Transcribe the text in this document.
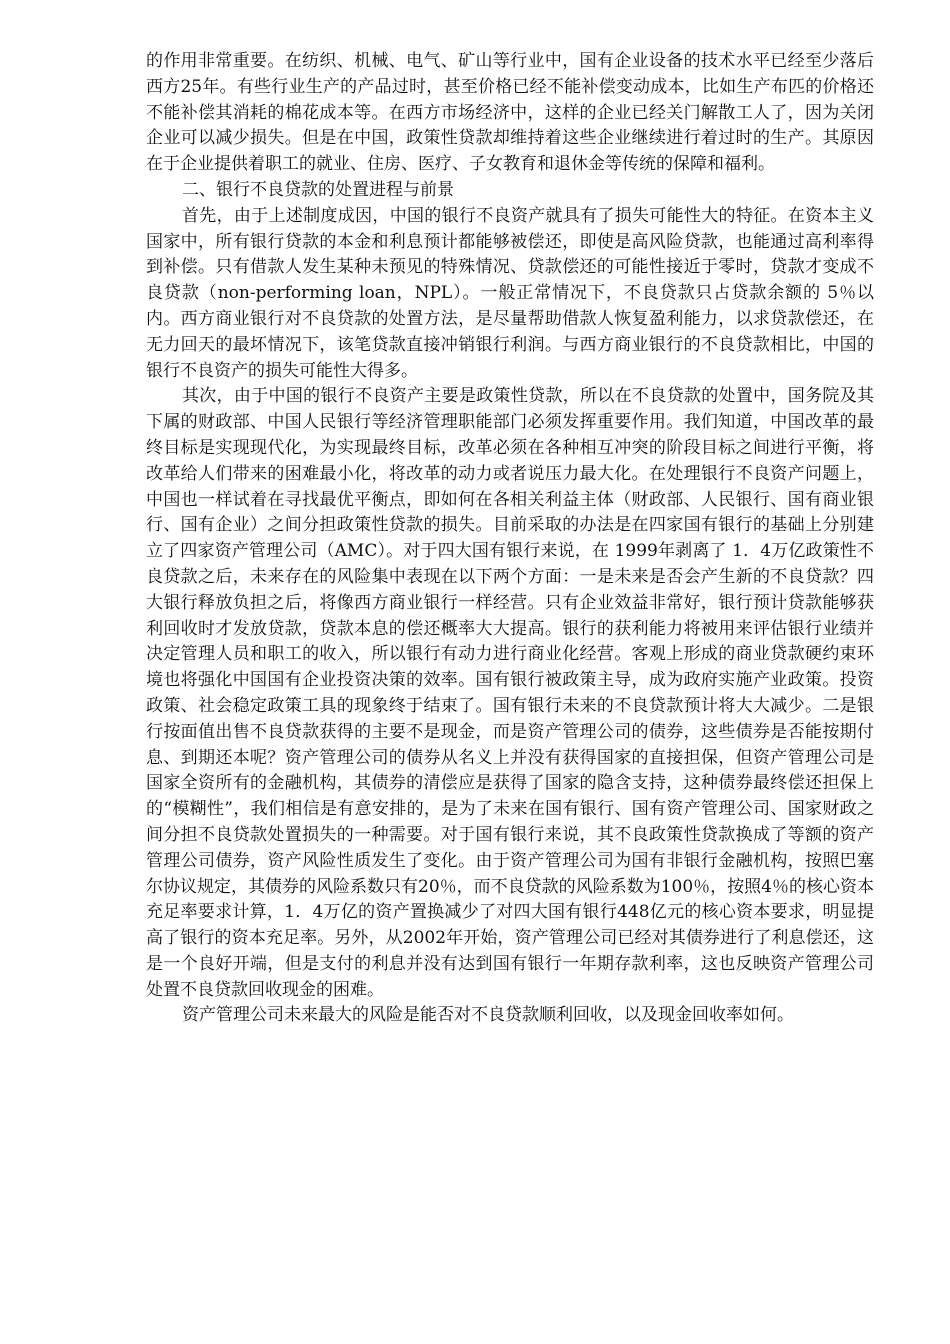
的作用非常重要。在纺织、机械、电气、矿山等行业中，国有企业设备的技术水平已经至少落后西方25年。有些行业生产的产品过时，甚至价格已经不能补偿变动成本，比如生产布匹的价格还不能补偿其消耗的棉花成本等。在西方市场经济中，这样的企业已经关门解散工人了，因为关闭企业可以减少损失。但是在中国，政策性贷款却维持着这些企业继续进行着过时的生产。其原因在于企业提供着职工的就业、住房、医疗、子女教育和退休金等传统的保障和福利。

二、银行不良贷款的处置进程与前景

首先，由于上述制度成因，中国的银行不良资产就具有了损失可能性大的特征。在资本主义国家中，所有银行贷款的本金和利息预计都能够被偿还，即使是高风险贷款，也能通过高利率得到补偿。只有借款人发生某种未预见的特殊情况、贷款偿还的可能性接近于零时，贷款才变成不良贷款（non-performing loan，NPL）。一般正常情况下，不良贷款只占贷款余额的 5％以内。西方商业银行对不良贷款的处置方法，是尽量帮助借款人恢复盈利能力，以求贷款偿还，在无力回天的最坏情况下，该笔贷款直接冲销银行利润。与西方商业银行的不良贷款相比，中国的银行不良资产的损失可能性大得多。

其次，由于中国的银行不良资产主要是政策性贷款，所以在不良贷款的处置中，国务院及其下属的财政部、中国人民银行等经济管理职能部门必须发挥重要作用。我们知道，中国改革的最终目标是实现现代化，为实现最终目标，改革必须在各种相互冲突的阶段目标之间进行平衡，将改革给人们带来的困难最小化，将改革的动力或者说压力最大化。在处理银行不良资产问题上，中国也一样试着在寻找最优平衡点，即如何在各相关利益主体（财政部、人民银行、国有商业银行、国有企业）之间分担政策性贷款的损失。目前采取的办法是在四家国有银行的基础上分别建立了四家资产管理公司（AMC）。对于四大国有银行来说，在 1999年剥离了 1．4万亿政策性不良贷款之后，未来存在的风险集中表现在以下两个方面：一是未来是否会产生新的不良贷款？四大银行释放负担之后，将像西方商业银行一样经营。只有企业效益非常好，银行预计贷款能够获利回收时才发放贷款，贷款本息的偿还概率大大提高。银行的获利能力将被用来评估银行业绩并决定管理人员和职工的收入，所以银行有动力进行商业化经营。客观上形成的商业贷款硬约束环境也将强化中国国有企业投资决策的效率。国有银行被政策主导，成为政府实施产业政策。投资政策、社会稳定政策工具的现象终于结束了。国有银行未来的不良贷款预计将大大减少。二是银行按面值出售不良贷款获得的主要不是现金，而是资产管理公司的债券，这些债券是否能按期付息、到期还本呢？资产管理公司的债券从名义上并没有获得国家的直接担保，但资产管理公司是国家全资所有的金融机构，其债券的清偿应是获得了国家的隐含支持，这种债券最终偿还担保上的“模糊性”，我们相信是有意安排的，是为了未来在国有银行、国有资产管理公司、国家财政之间分担不良贷款处置损失的一种需要。对于国有银行来说，其不良政策性贷款换成了等额的资产管理公司债券，资产风险性质发生了变化。由于资产管理公司为国有非银行金融机构，按照巴塞尔协议规定，其债券的风险系数只有20％，而不良贷款的风险系数为100％，按照4％的核心资本充足率要求计算，1．4万亿的资产置换减少了对四大国有银行448亿元的核心资本要求，明显提高了银行的资本充足率。另外，从2002年开始，资产管理公司已经对其债券进行了利息偿还，这是一个良好开端，但是支付的利息并没有达到国有银行一年期存款利率，这也反映资产管理公司处置不良贷款回收现金的困难。

资产管理公司未来最大的风险是能否对不良贷款顺利回收，以及现金回收率如何。
